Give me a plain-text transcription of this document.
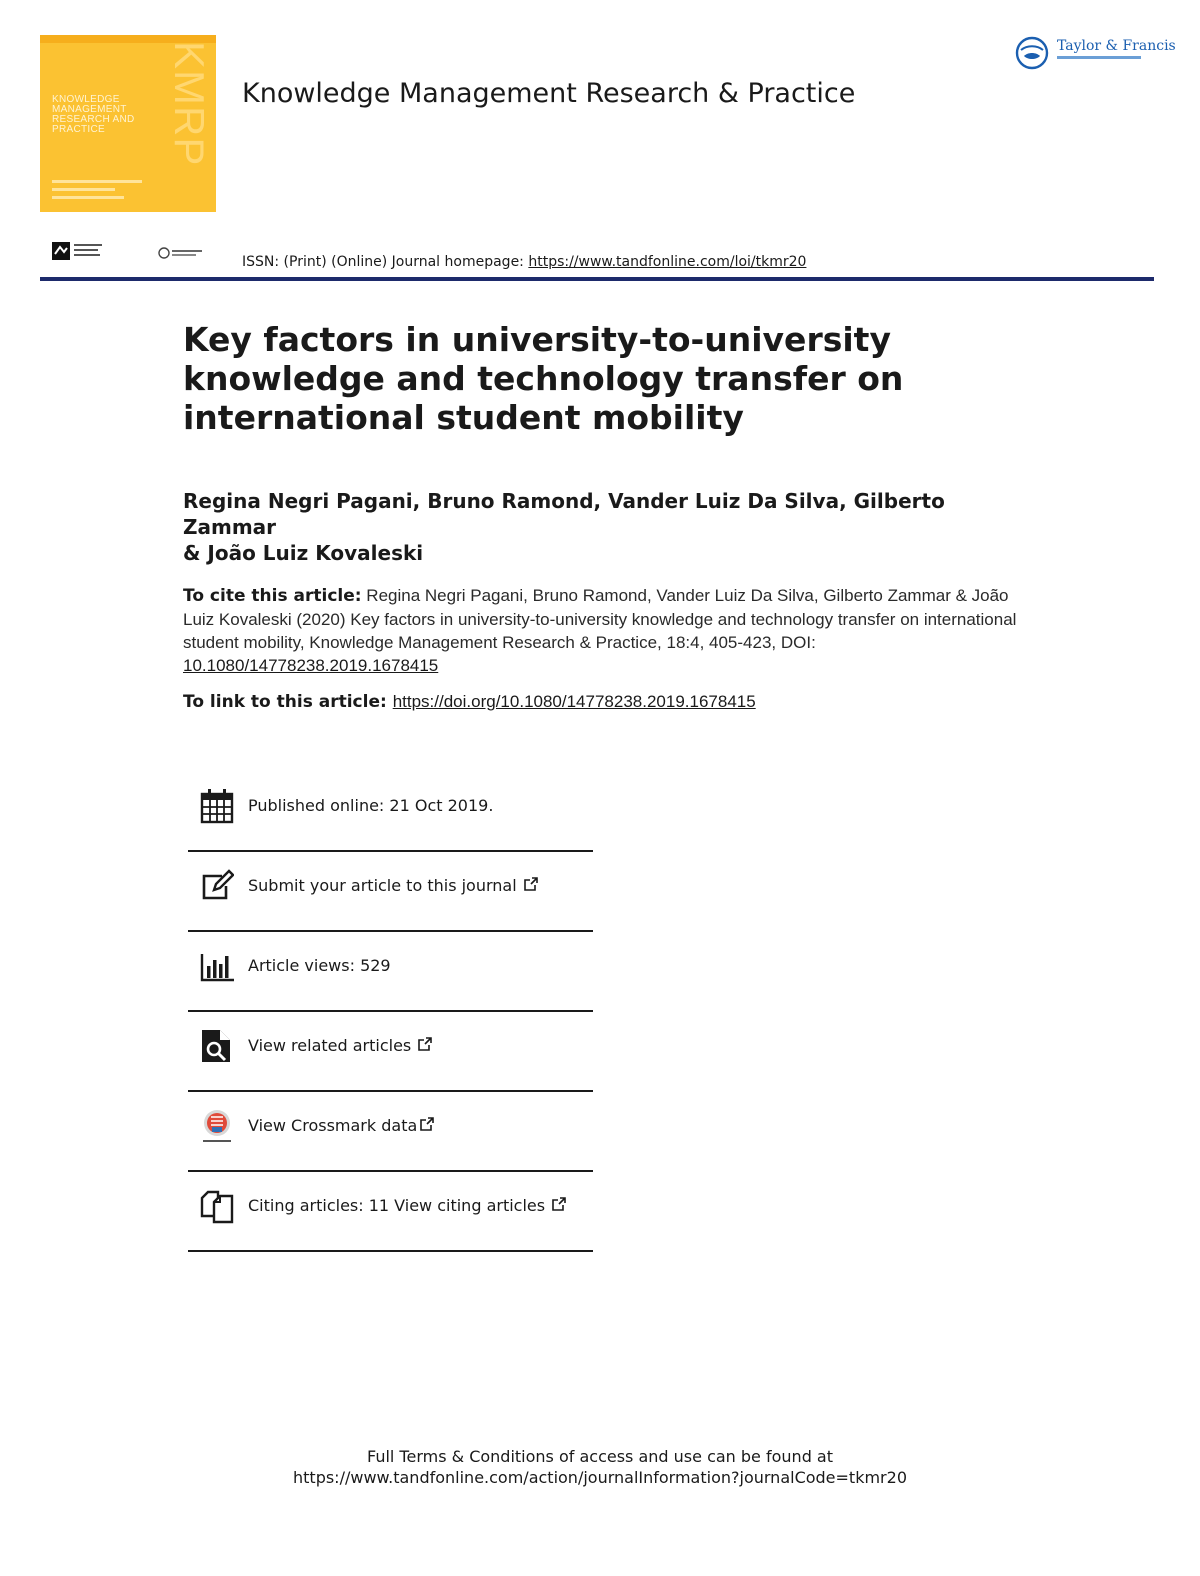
KMRP
KNOWLEDGE MANAGEMENT RESEARCH AND PRACTICE
Knowledge Management Research & Practice
Taylor & Francis
ISSN: (Print) (Online) Journal homepage: https://www.tandfonline.com/loi/tkmr20
Key factors in university-to-university knowledge and technology transfer on international student mobility
Regina Negri Pagani, Bruno Ramond, Vander Luiz Da Silva, Gilberto Zammar
& João Luiz Kovaleski
To cite this article: Regina Negri Pagani, Bruno Ramond, Vander Luiz Da Silva, Gilberto Zammar & João Luiz Kovaleski (2020) Key factors in university-to-university knowledge and technology transfer on international student mobility, Knowledge Management Research & Practice, 18:4, 405-423, DOI: 10.1080/14778238.2019.1678415
To link to this article: https://doi.org/10.1080/14778238.2019.1678415
Published online: 21 Oct 2019.
Submit your article to this journal
Article views: 529
View related articles
View Crossmark data
Citing articles: 11 View citing articles
Full Terms & Conditions of access and use can be found at
https://www.tandfonline.com/action/journalInformation?journalCode=tkmr20
